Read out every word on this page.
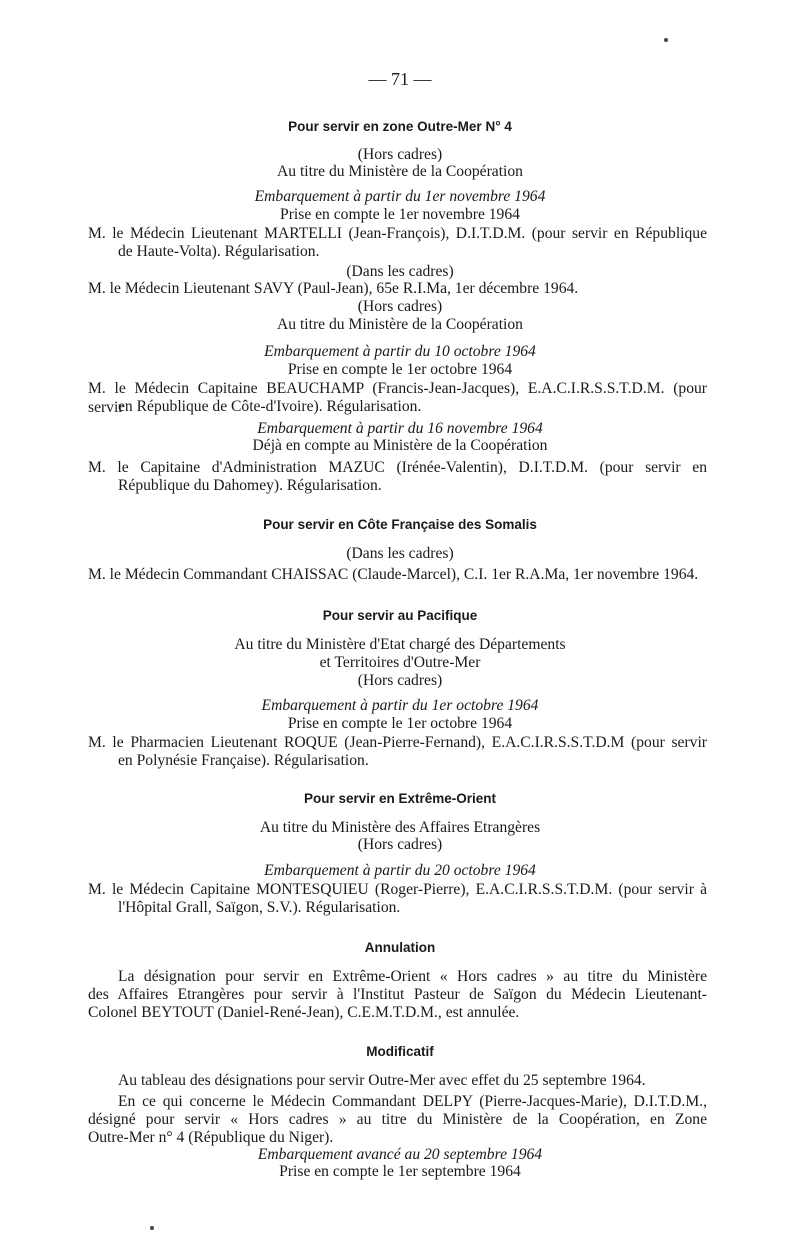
— 71 —
Pour servir en zone Outre-Mer N° 4
(Hors cadres)
Au titre du Ministère de la Coopération
Embarquement à partir du 1er novembre 1964
Prise en compte le 1er novembre 1964
M. le Médecin Lieutenant MARTELLI (Jean-François), D.I.T.D.M. (pour servir en République
de Haute-Volta). Régularisation.
(Dans les cadres)
M. le Médecin Lieutenant SAVY (Paul-Jean), 65e R.I.Ma, 1er décembre 1964.
(Hors cadres)
Au titre du Ministère de la Coopération
Embarquement à partir du 10 octobre 1964
Prise en compte le 1er octobre 1964
M. le Médecin Capitaine BEAUCHAMP (Francis-Jean-Jacques), E.A.C.I.R.S.S.T.D.M. (pour servir
en République de Côte-d'Ivoire). Régularisation.
Embarquement à partir du 16 novembre 1964
Déjà en compte au Ministère de la Coopération
M. le Capitaine d'Administration MAZUC (Irénée-Valentin), D.I.T.D.M. (pour servir en
République du Dahomey). Régularisation.
Pour servir en Côte Française des Somalis
(Dans les cadres)
M. le Médecin Commandant CHAISSAC (Claude-Marcel), C.I. 1er R.A.Ma, 1er novembre 1964.
Pour servir au Pacifique
Au titre du Ministère d'Etat chargé des Départements
et Territoires d'Outre-Mer
(Hors cadres)
Embarquement à partir du 1er octobre 1964
Prise en compte le 1er octobre 1964
M. le Pharmacien Lieutenant ROQUE (Jean-Pierre-Fernand), E.A.C.I.R.S.S.T.D.M (pour servir
en Polynésie Française). Régularisation.
Pour servir en Extrême-Orient
Au titre du Ministère des Affaires Etrangères
(Hors cadres)
Embarquement à partir du 20 octobre 1964
M. le Médecin Capitaine MONTESQUIEU (Roger-Pierre), E.A.C.I.R.S.S.T.D.M. (pour servir à
l'Hôpital Grall, Saïgon, S.V.). Régularisation.
Annulation
La désignation pour servir en Extrême-Orient « Hors cadres » au titre du Ministère
des Affaires Etrangères pour servir à l'Institut Pasteur de Saïgon du Médecin Lieutenant-
Colonel BEYTOUT (Daniel-René-Jean), C.E.M.T.D.M., est annulée.
Modificatif
Au tableau des désignations pour servir Outre-Mer avec effet du 25 septembre 1964.
En ce qui concerne le Médecin Commandant DELPY (Pierre-Jacques-Marie), D.I.T.D.M.,
désigné pour servir « Hors cadres » au titre du Ministère de la Coopération, en Zone
Outre-Mer n° 4 (République du Niger).
Embarquement avancé au 20 septembre 1964
Prise en compte le 1er septembre 1964
